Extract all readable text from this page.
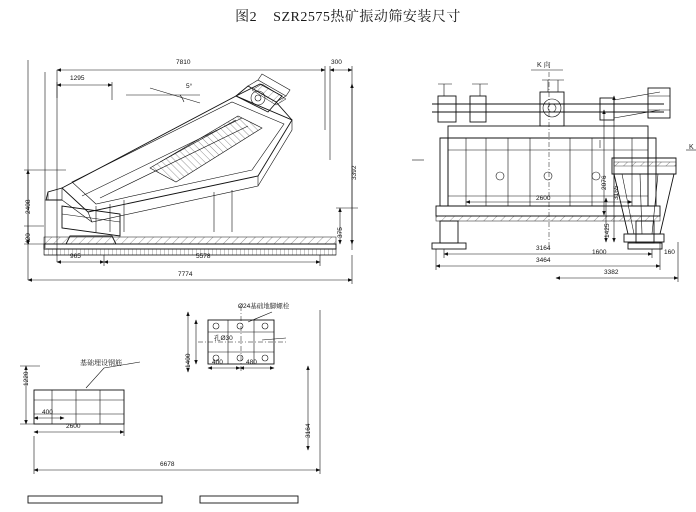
图2    SZR2575热矿振动筛安装尺寸
7810
1295
300
5°
2408
3392
375
420
965	5578
7774
K 向
K
2600
3164
3464
3382
2076
3165
1425
1600	160
基础埋设钢筋
Ø24基础地脚螺栓
孔Ø30
1220
400
2600
1400	400	480
3164
6678
